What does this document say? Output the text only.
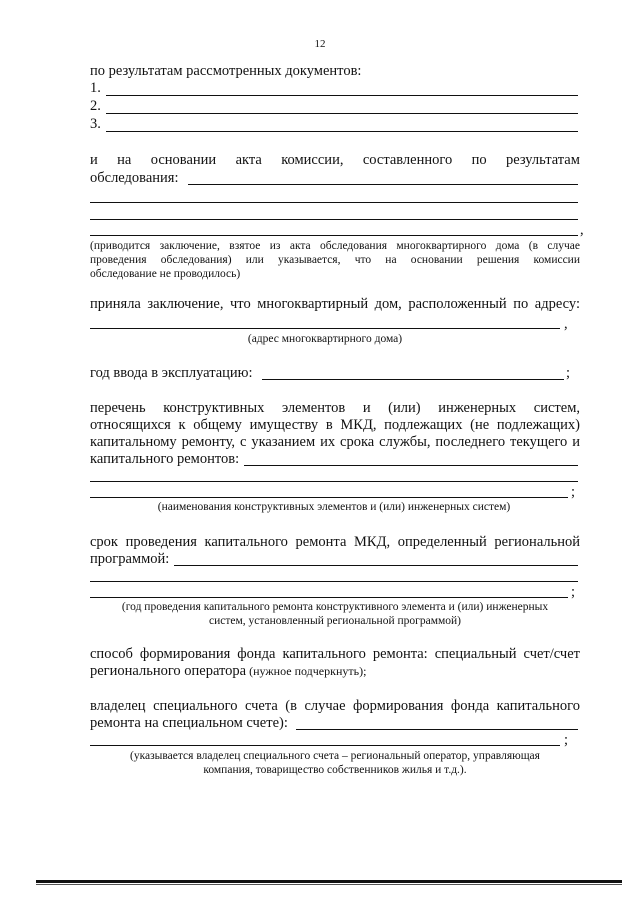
12
по результатам рассмотренных документов:
1.
2.
3.
и на основании акта комиссии, составленного по результатам
обследования:
,
(приводится заключение, взятое из акта обследования многоквартирного дома (в случае
проведения обследования) или указывается, что на основании решения комиссии
обследование не проводилось)
приняла заключение, что многоквартирный дом, расположенный по адресу:
,
(адрес многоквартирного дома)
год ввода в эксплуатацию:	;
перечень конструктивных элементов и (или) инженерных систем,
относящихся к общему имуществу в МКД, подлежащих (не подлежащих)
капитальному ремонту, с указанием их срока службы, последнего текущего и
капитального ремонтов:
;
(наименования конструктивных элементов и (или) инженерных систем)
срок проведения капитального ремонта МКД, определенный региональной
программой:
;
(год проведения капитального ремонта конструктивного элемента и (или) инженерных
систем, установленный региональной программой)
способ формирования фонда капитального ремонта: специальный счет/счет
регионального оператора (нужное подчеркнуть);
владелец специального счета (в случае формирования фонда капитального
ремонта на специальном счете):
;
(указывается владелец специального счета – региональный оператор, управляющая
компания, товарищество собственников жилья и т.д.).
